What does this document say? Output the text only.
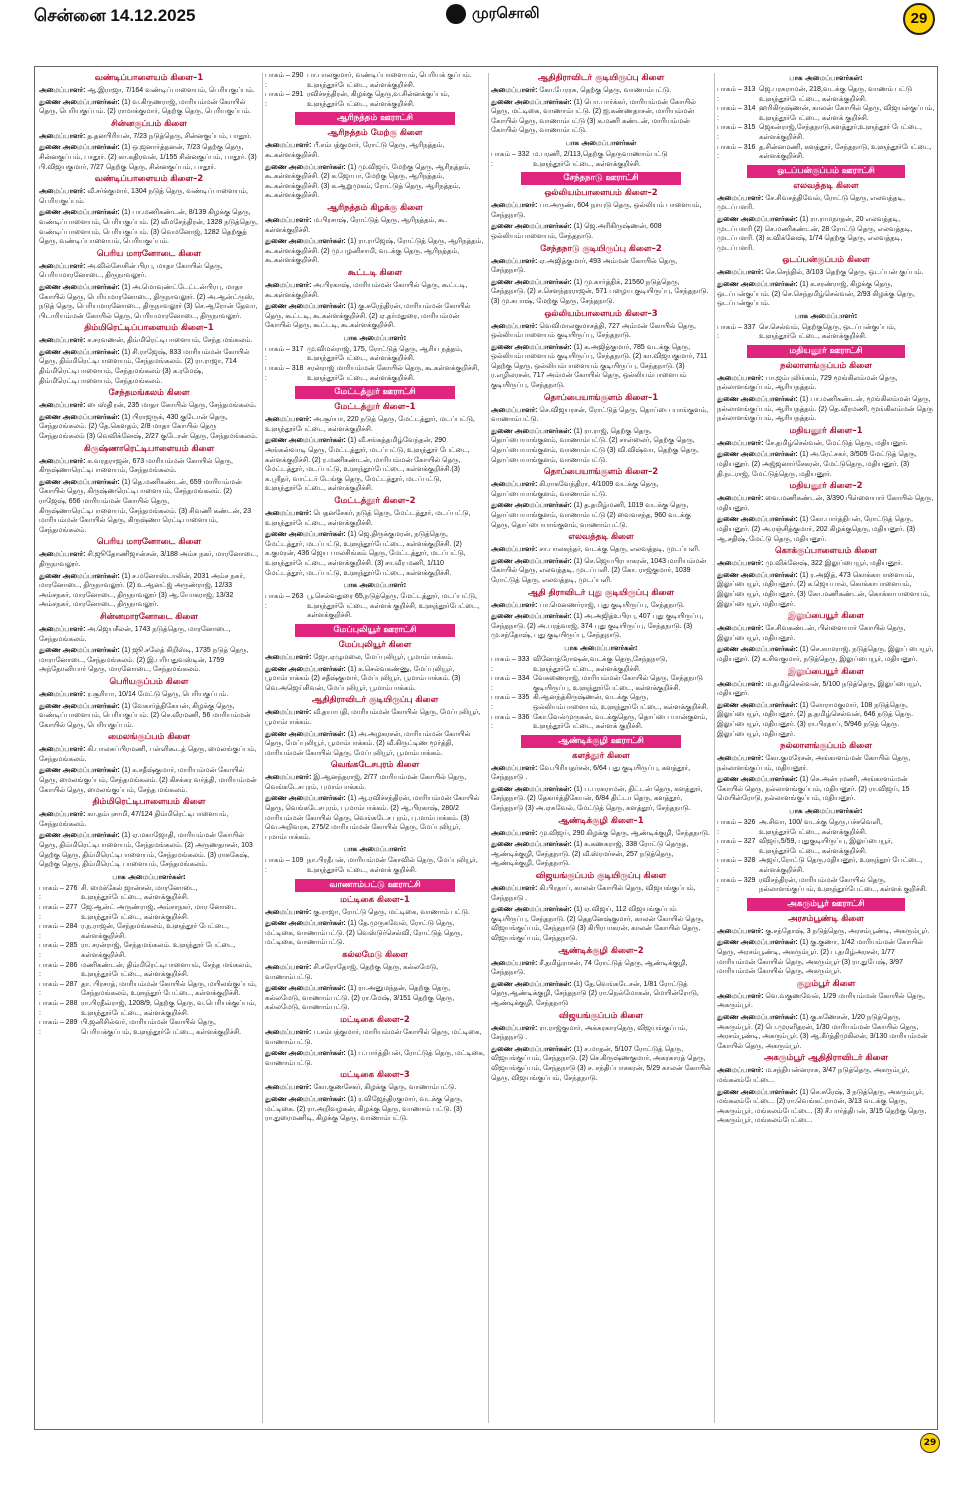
சென்னை 14.12.2025	முரசொலி	29
வண்டிப்பாளையம் கிளை–1
அமைப்பாளர்: ஆ.இராஜா, 7/164 வண்டிப்பாளையம், பெரியகுப்பம்.
துணை அமைப்பாளர்கள்: (1) வ.கிருணராஜ், மாரியம்மன் கோயில் தெரு, பெரியகுப்பம். (2) ராமாக்குமார், தெற்கு தெரு, பெரியகுப்பம்.
சின்னகுப்பம் கிளை
அமைப்பாளர்: த.தனபிரியன், 7/23 நடுத்தெரு, சின்னகுப்பம், பாதூர்.
துணை அமைப்பாளர்கள்: (1) ஒ.ஜனார்த்தனன், 7/23 தெற்கு தெரு, சின்னகுப்பம், பாதூர். (2) கா.கதிரவன், 1/155 சின்னகுப்பம், பாதூர். (3) பி.விஜயகுமார், 7/27 தெற்கு தெரு, சின்னகுப்பம், பாதூர்.
வண்டிப்பாளையம் கிளை–2
அமைப்பாளர்: வீ.சர்க்குமார், 1304 நடுத் தெரு, வண்டிப்பாளையம், பெரியகுப்பம்.
துணை அமைப்பாளர்கள்: (1) பா.மணிகண்டன், 8/139 கிழக்கு தெரு, வண்டிப்பாளையம், பெரியகுப்பம். (2) வீமசேந்திரன், 1328 நடுத்தெரு, வண்டிப்பாளையம், பெரியகுப்பம். (3) வெமனோஜ், 1282 தெற்குத் தெரு, வண்டிப்பாளையம், பெரியகுப்பம்.
பெரிய மாரனோடை கிளை
அமைப்பாளர்: அ.வில்சோசின் பிரபு, மாதா கோயில் தெரு, பெரியமாரனோடை, திருநாவலூர்.
துணை அமைப்பாளர்கள்: (1) அ.மொவுண்ட்டேட்டன்பிரபு, மாதா கோயில் தெரு, பெரியமாரனோடை, திருநாவலூர். (2) அ.ஆன்ட்ருஸ், நடுத் தெரு, பெரியமாரனோடை, திருநாவலூர் (3) செ.ஆரோன் தேவா, பிடாரியம்மன் கோயில் தெரு, பெரியமாரனோடை, திருநாவலூர்.
திம்மிரெட்டிப்பாளையம் கிளை–1
அமைப்பாளர்: ச.சரவணன், திம்மிரெட்டிபாளையம், சேந்த மங்கலம்.
துணை அமைப்பாளர்கள்: (1) சி.ராஜேஷ், 833 மாரியம்மன் கோயில் தெரு, திம்மிரெட்டிபாளையம், சேந்தமங்கலம். (2) ரா.ராஜா, 714 திம்மிரெட்டிபாளையம், சேந்தமங்கலம் (3) க.ரமேஷ், திம்மிரெட்டிபாளையம், சேந்தமங்கலம்.
சேந்தமங்கலம் கிளை
அமைப்பாளர்: பைஸ்தி்ரன், 235 மாதா கோயில் தெரு, சேந்தமங்கலம்.
துணை அமைப்பாளர்கள்: (1) பிராஜருக், 430 குடோன் தெரு, சேந்தமங்கலம். (2) தே.கௌதம், 2/8 மாதா கோயில் தெரு சேந்தமங்கலம் (3) வெவிக்னேஷ், 2/27 குடோன் தெரு, சேந்தமங்கலம்.
கிருஷ்ணாரெட்டிபாளையம் கிளை
அமைப்பாளர்: க.வரதராஜன், 673 மாரியம்மன் கோயில் தெரு, கிருஷ்ணாரெட்டிபாளையம், சேந்தமங்கலம்.
துணை அமைப்பாளர்கள்: (1) தெ.மணிகண்டன், 659 மாரியம்மன் கோயில் தெரு, கிருஷ்ணரெட்டிபாளையம், சேந்தமங்கலம். (2) ராஜேஷ், 656 மாரியம்மன் கோயில் தெரு, கிருஷ்ணாரெட்டிபாளையம், சேந்தமங்கலம். (3) சிவணி கண்டன், 23 மாரியம்மன் கோயில் தெரு, கிருஷ்ணா ரெட்டிபாளையம், சேந்தமங்கலம்.
பெரிய மாரனோடை கிளை
அமைப்பாளர்: சி.ஜூதோணிஜான்சன், 3/188 அம்ச நகர், மாரனோடை, திருநாவலூர்.
துணை அமைப்பாளர்கள்: (1) ச.மனோஸ்டாலின், 2031 அம்ச நகர், மாரனோடை, திருநாவலூர். (2) உ.ஆனட்ஜ் அருண்ராஜ், 12/33 அம்சநகர், மாரனோடை, திருநாவலூர் (3) ஆ.யோகராஜ், 13/32 அம்சநகர், மாரனோடை, திருநாவலூர்.
சின்னமாரனோடை கிளை
அமைப்பாளர்: அ.ஜெயசீலன், 1743 நடுத்தெரு, மாரனோடை, சேந்தமங்கலம்.
துணை அமைப்பாளர்கள்: (1) ஜூ.சலேத் கிறிஸ்டி, 1735 நடுத் தெரு, மாரானோடை, சேந்தமங்கலம். (2) இ.பரியதுவஸ்டின், 1759 அந்தோனியார் தெரு, மாரனோடை, சேந்தமங்கலம்.
பெரியகுப்பம் கிளை
அமைப்பாளர்: ர.சூரியா, 10/14 மேட்டு தெரு, பெரியகுப்பம்.
துணை அமைப்பாளர்கள்: (1) வேகார்த்திகேயன், கிழக்கு தெரு, வண்டிப்பாளையம், பெரியகுப்பம். (2) செ.வீரமணி, 56 மாரியம்மன் கோயில் தெரு, பெரியகுப்பம்.
மைலங்குப்பம் கிளை
அமைப்பாளர்: கி.பாலசுப்பிரமணி, பள்ளிகூடத் தெரு, மைலங்குப்பம், சேந்தமங்கலம்.
துணை அமைப்பாளர்கள்: (1) க.சதீஷ்குமார், மாரியம்மன் கோயில் தெரு, மைலங்குப்பம், சேந்தமங்கலம். (2) கிசக்கர வர்த்தி, மாரியம்மன் கோயில் தெரு, மைலங்குப்பம், சேந்த மங்கலம்.
திம்மிரெட்டிபாளையம் கிளை
அமைப்பாளர்: கா.தம்புசாமி, 47/124 திம்மிரெட்டிபாளையம், சேந்தமங்கலம்.
துணை அமைப்பாளர்கள்: (1) ஏ.மகாஜோதி, மாரியம்மன் கோயில் தெரு, திம்மிரெட்டிபாளையம், சேந்தமங்கலம். (2) அருணதாசன், 103 தெற்கு தெரு, திம்மிரெட்டிபாளையம், சேந்தமங்கலம். (3) ராசுகேஷ், தெற்கு தெரு, திம்மிரெட்டி பாளையம், சேந்தமங்கலம்.
பாக அமைப்பாளர்கள்:
பாகம் – 276 :
சி. மைக்கேல் ஜான்சன், மாரனோடை, உளுந்தூர்பேட்டை, கள்ளக்குறிச்சி.
பாகம் – 277 :
ஜே.ஆன்ட் அருண்ராஜ், அம்சாநகர், மார னோடை உளுந்தூர்பேட்டை, கள்ளக்குறிச்சி.
பாகம் – 284 :
ர.ந.ராஜன், சேந்தமங்கலம், உளுந்தூர் பேட்டை, கள்ளக்குறிச்சி.
பாகம் – 285 :
ரா. சரன்ராஜ், சேந்தமங்கலம். உளுந்தூர் பேட்டை, கள்ளக்குறிச்சி.
பாகம் – 286 :
மணிகண்டன், திம்மிரெட்டிபாளையம், சேந்த மங்கலம், உளுந்தூர்பேட்டை, கள்ளக்குறிச்சி.
பாகம் – 287 :
தா. பிரசாத், மாரியம்மன் கோயில் தெரு, மயிலங்குப்பம், சேந்தமங்கலம், உளுந்தூர் பேட்டை, கள்ளக்குறிச்சி.
பாகம் – 288 :
ரா.பிரதீவ்ராஜ், 1208/9, தெற்கு தெரு, வ.பெரியக்குப்பம், உளுந்தூர்பேட்டை, கள்ளக்குறிச்சி.
பாகம் – 289 :
பி.ஜனிசில்வர், மாரியம்மன் கோயில் தெரு, பெரியக்குப்பம், உளுந்தூர்பேட்டை, கள்ளக்குறிச்சி.
பாகம் – 290 :
பா.பாலகுமார், வண்டிப்பாளையம், பெரியக் குப்பம். உளுந்தூர்பேட்டை, கள்ளக்குறிச்சி.
பாகம் – 291 :
ரவிச்சந்திரன், கிழக்கு தெரு,வ.சின்னக்குப்பம், உளுந்தூர்பேட்டை, கள்ளக்குறிச்சி.
ஆரிநத்தம் ஊராட்சி
ஆரிநத்தம் மேற்கு கிளை
அமைப்பாளர்: பீ.சம்பத்குமார், ரோட்டு தெரு, ஆரிநத்தம், கூ.கள்ளக்குறிச்சி.
துணை அமைப்பாளர்கள்: (1) மு.விஜய், மேற்கு தெரு, ஆரிநத்தம், கூ.கள்ளக்குறிச்சி. (2) க.ஜோபா, மேற்கு தெரு, ஆரிநத்தம், கூ.கள்ளக்குறிச்சி. (3) க.ஆறுமுகம், ரோட்டுத் தெரு, ஆரிநத்தம், கூ.கள்ளக்குறிச்சி.
ஆரிநத்தம் கிழக்கு கிளை
அமைப்பாளர்: ம.பிரசாஷ், ரோட்டுத் தெரு, ஆரிநத்தம், கூ. கள்ளக்குறிச்சி.
துணை அமைப்பாளர்கள்: (1) ரா.ராஜேஷ், ரோட்டுத் தெரு, ஆரிநத்தம், கூ.கள்ளக்குறிச்சி. (2) மு.பழனிசாமி, வடக்கு தெரு, ஆரிநத்தம், கூ.கள்ளக்குறிச்சி.
கூட்டடி கிளை
அமைப்பாளர்: அ.பிரகாஷ், மாரியம்மன் கோயில் தெரு, கூட்டடி, கூ.கள்ளக்குறிச்சி.
துணை அமைப்பாளர்கள்: (1) கு.சுரேந்திரன், மாரியம்மன் கோயில் தெரு, கூட்டடி, கூ.கள்ளக்குறிச்சி. (2) ஏ.தர்மதுரை, மாரியம்மன் கோயில் தெரு, கூட்டடி, கூ.கள்ளக்குறிச்சி.
பாக அமைப்பாளர்:
பாகம் – 317 :
மு.விமல்ராஜ், 175, ரோட்டுத் தெரு, ஆரிய நத்தம், உளுந்தூர்பேட்டை, கள்ளக்குறிச்சி.
பாகம் – 318 :
சரன்ராஜ் மாரியம்மன் கோயில் தெரு, கூ.கள்ளக்குறிச்சி, உளுந்தூர்பேட்டை, கள்ளக்குறிச்சி.
மேட்டத்தூர் ஊராட்சி
மேட்டத்தூர் கிளை–1
அமைப்பாளர்: அ.சூர்யா, 220 நடுத் தெரு, மேட்டத்தூர், மடப்பட்டு, உளுந்தூர்பேட்டை, கள்ளக்குறிச்சி.
துணை அமைப்பாளர்கள்: (1) வீ.சங்கத்தமிழ்வேந்தன், 290 அங்கன்வாடி தெரு, மேட்டத்தூர், மடப்பட்டு, உளுந்தூர் பேட்டை, கள்ளக்குறிச்சி. (2) ர.மணிகண்டன், மாரியம்மன் கோயில் தெரு, மேட்டத்தூர், மடப்பட்டு, உளுந்தூர்பேட்டை, கள்ளக்குறிச்சி.(3) க.ஸ்ரீதர், வாட்டர் டேங்கு தெரு, மேட்டத்தூர், மடப்பட்டு, உளுந்தூர்பேட்டை, கள்ளக்குறிச்சி.
மேட்டத்தூர் கிளை–2
அமைப்பாளர்: பெதனசேகர், நடுத் தெரு, மேட்டத்தூர், மடப்பட்டு, உளுந்தூர்பேட்டை, கள்ளக்குறிச்சி.
துணை அமைப்பாளர்கள்: (1) ஜெ.திருக்குமரன், நடுத்தெரு, மேட்டத்தூர், மடப்பட்டு, உளுந்தூர்பேட்டை, கள்ளக்குறிச்சி. (2) க.குமரன், 436 ஜெய பாலசிங்கம் தெரு, மேட்டத்தூர், மடப்பட்டு, உளுந்தூர்பேட்டை, கள்ளக்குறிச்சி. (3) சா.வீர மணி, 1/110 மேட்டத்தூர், மடப்பட்டு, உளுந்தூர்பேட்டை, கள்ளக்குறிச்சி.
பாக அமைப்பாளர்:
பாகம் – 263 :
பூ.செல்வதுரை 65,நடுத்தெரு, மேட்டத்தூர், மடப்பட்டு, உளுந்தூர்பேட்டை, கள்ளக் குறிச்சி, உளுந்தூர்பேட்டை, கள்ளக்குறிச்சி.
மேப்புலியூர் ஊராட்சி
மேப்புலியூர் கிளை
அமைப்பாளர்: ஜோ.ஏழுமலை, மேப்புலியூர், பூமாம்பாக்கம்.
துணை அமைப்பாளர்கள்: (1) க.செல்வகண்ணு, மேப்புலியூர், பூமாம்பாக்கம் (2) சதீஷ்குமார், மேப்புலியூர், பூமாம்பாக்கம். (3) வெ.அஜெய்சிவன், மேப்புலியூர், பூமாம்பாக்கம்.
ஆதிதிராவிடர் குடியிருப்பு கிளை
அமைப்பாளர்: வீ.தயாபதி, மாரியம்மன் கோயில் தெரு, மேப்புலியூர், பூமாம்பாக்கம்.
துணை அமைப்பாளர்கள்: (1) அ.அழகரசன், மாரியம்மன் கோயில் தெரு, மேப்புலியூர், பூமாம்பாக்கம். (2) வீ.கிருட்டிண மூர்த்தி, மாரியம்மன் கோயில் தெரு, மேப்புலியூர், பூமாம்பாக்கம்.
வெங்கடேசபுரம் கிளை
அமைப்பாளர்: இ.ஆனந்தராஜ், 2/77 மாரியம்மன் கோயில் தெரு, வெங்கடேசபுரம், புமாம்பாக்கம்.
துணை அமைப்பாளர்கள்: (1) ஆ.ரவிச்சந்திரன், மாரியம்மன் கோயில் தெரு, வெங்கடேசபுரம், பு.மாம்பாக்கம். (2) ஆ.பிரகாஷ், 280/2 மாரியம்மன் கோயில் தெரு, வெங்கடேச புரம், பு.மாம்பாக்கம். (3) வெ.அறிவரசு, 275/2 மாரியம்மன் கோயில் தெரு, மேப்புலியூர், புமாம்பாக்கம்.
பாக அமைப்பாளர்:
பாகம் – 109 :
நா.பிரதீபன், மாரியம்மன் கோவில் தெரு, மேப்புலியூர், உளுந்தூர்பேட்டை, கள்ளக் குறிச்சி.
வாணாம்பட்டு ஊராட்சி
மட்டிகை கிளை–1
அமைப்பாளர்: கு.ராஜா, ரோட்டு தெரு, மட்டிகை, வாணாம் பட்டு.
துணை அமைப்பாளர்கள்: (1) தே.முருகவேல், ரோட்டு தெரு, மட்டிகை, வாணாம்பட்டு. (2) வெஸ்டுர்செல்வி, ரோட்டுத் தெரு, மட்டிகை, வாணாம்பட்டு.
கல்லமேடு கிளை
அமைப்பாளர்: சி.சரோதோஜ், தெற்கு தெரு, கல்லமேடு, வாணாம்பட்டு.
துணை அமைப்பாளர்கள்: (1) ரா.அனுமந்தன், தெற்கு தெரு, கல்லமேடு, வாணாம்பட்டு. (2) ரா.மேஷ், 3/151 தெற்கு தெரு, கல்லமேடு, வாணாம்பட்டு.
மட்டிகை கிளை–2
அமைப்பாளர்: ப.சம்பத்குமார், மாரியம்மன் கோயில் தெரு, மட்டிகை, வாணாம்பட்டு.
துணை அமைப்பாளர்கள்: (1) ப.பார்த்திபன், ரோட்டுத் தெரு, மட்டிகை, வாணாம்பட்டு.
மட்டிகை கிளை–3
அமைப்பாளர்: கோ.குணசேகர், கிழக்கு தெரு, வாணாம்பட்டு.
துணை அமைப்பாளர்கள்: (1) ர.விஜேந்திரகுமார், வடக்கு தெரு, மட்டிகை. (2) ரா.அறிவழகன், கிழக்கு தெரு, வாணாம் பட்டு. (3) ரா.துரைமணிடி, கிழக்கு தெரு, வாணாம்பட்டு.
ஆதிதிராவிடர் குடியிருப்பு கிளை
அமைப்பாளர்: கோ.பேரரசு, தெற்கு தெரு, வாணாம்பட்டு.
துணை அமைப்பாளர்கள்: (1) பொ.பார்க்கர், மாரியம்மன் கோயில் தெரு, மட்டிகை, வாணாம்பட்டு. (2) ஐ.கண்ணதாசன், மாரியம்மன் கோயில் தெரு, வாணாம்பட்டு (3) க.மணி கண்டன், மாரியம்மன் கோயில் தெரு, வாணாம்பட்டு.
பாக அமைப்பாளர்கள்
பாகம் – 332 :
ம.பரணி, 2/113,தெற்கு தெருவாணாம்பட்டு உளுந்தூர்பேட்டை, கள்ளக்குறிச்சி.
சேந்தநாடு ஊராட்சி
ஒல்லியம்பாளையம் கிளை–2
அமைப்பாளர்: பா.அருண், 604 நாயுடு தெரு, ஒல்லியம் பாளையம், சேந்தநாடு.
துணை அமைப்பாளர்கள்: (1) ஜெ.அரிகிருஷ்ணன், 608 ஒல்லியம்பாளையம், சேந்தநாடு.
சேந்தநாடு குடியிருப்பு கிளை–2
அமைப்பாளர்: ஏ.அஜித்குமார், 493 அம்மன் கோயில் தெரு, சேந்தநாடு.
துணை அமைப்பாளர்கள்: (1) மு.கார்த்திக், 21560 நடுத்தெரு, சேந்தநாடு. (2) ச.சௌந்தரராஜன், 571 பழைய குடியிருப்பு, சேந்தநாடு. (3) மு.சுபாஷ், மேற்கு தெரு, சேந்தநாடு.
ஒல்லியம்பாளையம் கிளை–3
அமைப்பாளர்: வெவிமாலகுமாசத்தி, 727 அம்மன் கோயில் தெரு, ஒல்லியம்பாளையம் குடியிருப்பு, சேந்தநாடு.
துணை அமைப்பாளர்கள்: (1) க.அஜித்குமார், 785 வடக்கு தெரு, ஒல்லியம்பாளையம் குடியிருப்பு, சேந்தநாடு. (2) கா.விஜயகுமார், 711 தெற்கு தெரு, ஒல்லியம்பாளையம் குடியிருப்பு, சேந்தநாடு. (3) ர.எழிலரசன், 717 அம்மன் கோயில் தெரு, ஒல்லியம்பாளையம் குடியிருப்பு, சேந்தநாடு.
தொப்பையாங்குளம் கிளை–1
அமைப்பாளர்: செ.விஜயரசன், ரோட்டுத் தெரு, தொப்பை யாங்குளம், வாணாம்பட்டு.
துணை அமைப்பாளர்கள்: (1) ரா.ராஜ், தெற்கு தெரு, தொப்பையாங்குளம், வாணாம்பட்டு. (2) சாள்லைர், தெற்கு தெரு, தொப்பையாங்குளம், வாணாம்பட்டு (3) வி.விஷ்வா, தெற்கு தெரு, தொப்பையாங்குளம், வாணாம்பட்டு.
தொப்பையாங்குளம் கிளை–2
அமைப்பாளர்: கி.ராகவேந்திரா, 4/1009 வடக்கு தெரு, தொப்பையாங்குளம், வாணாம்பட்டு.
துணை அமைப்பாளர்கள்: (1) த.தமிழ்மணி, 1019 வடக்கு தெரு, தொப்பையாங்குளம், வாணாம்பட்டு (2) வைவசந்த, 960 வடக்கு தெரு, தொப்பையாங்குளம், வாணாம்பட்டு.
எலவத்தடி கிளை
அமைப்பாளர்: சா.பாலசுந்தர், வடக்கு தெரு, எலவத்தடி, முடப்பளி.
துணை அமைப்பாளர்கள்: (1) செ.ஜெயபிரபாகரன், 1043 மாரியம்மன் கோயில் தெரு, எலவத்தடி, முடப்பளி. (2) கோ. ராஜ்குமார், 1039 ரோட்டுத் தெரு, எலவத்தடி, முடப்பளி.
ஆதி திராவிடர் புது குடியிருப்பு கிளை
அமைப்பாளர்: பா.மெனணர்ராஜ், புது குடியிருப்பு, சேந்தநாடு.
துணை அமைப்பாளர்கள்: (1) அ.அஜித்உபிரபு, 407 புது குடியிருப்பு, சேந்தநாடு. (2) அ.பரத்வாஜ், 374 புது குடியிருப்பு, சேந்தநாடு. (3) மு.சந்தோஷ், புது குடியிருப்பு, சேந்தநாடு.
பாக அமைப்பாளர்கள்:
பாகம் – 333 :
வினோத்ரோஷன்,வடக்கு தெரு,சேந்தநாடு, உளுந்தூர்பேட்டை, கள்ளக்குறிச்சி.
பாகம் – 334 :
வேசுணைராஜ், மாரியம்மன் கோயில் தெரு, சேந்தநாடு குடியிருப்பு, உளுந்தூர்பேட்டை, கள்ளக்குறிச்சி.
பாகம் – 335 :
கி.ஆனந்த்கிருஷ்ணன், வடக்கு தெரு, ஒல்லியம்பாளையம், உளுந்தூர்பேட்டை, கள்ளக்குறிச்சி.
பாகம் – 336 :
கோ.வேல்முருகன், வடக்குதெரு, தொப்பை யான்குளம், உளுந்தூர்பேட்டை, கள்ளக் குறிச்சி.
ஆண்டிக்குழி ஊராட்சி
களத்தூர் கிளை
அமைப்பாளர்: வே.பிரியதர்சன், 6/64 புது குடியிருப்பு, களத்தூர், சேந்தநாடு .
துணை அமைப்பாளர்கள்: (1) ப.பரசுராமன், திட்டன் தெரு, களத்தூர், சேந்தநாடு. (2) தேகார்த்திகேயன், 6/84 திட்டா தெரு, களத்தூர், சேந்தநாடு (3) அ.ஏசுவேல், மேட்டுத் தெரு, களத்தூர், சேந்தநாடு.
ஆண்டிக்குழி கிளை–1
அமைப்பாளர்: மு.விஜய், 290 கிழக்கு தெரு, ஆண்டிக்குழி, சேந்தநாடு.
துணை அமைப்பாளர்கள்: (1) க.கணகராஜ், 338 ரோட்டு தெருத, ஆண்டிக்குழி, சேந்தநாடு. (2) வீ.ஸ்ரமர்சன், 257 நடுத்தெரு, ஆண்டிக்குழி, சேந்தநாடு.
விஜயங்குப்பம் குடியிருப்பு கிளை
அமைப்பாளர்: கி.பிரதாப், காலன் கோயில் தெரு, விஜயங்குப்பம், சேந்தநாடு .
துணை அமைப்பாளர்கள்: (1) ஏ.விஜய், 112 விஜயங்குப்பம் குடியிருப்பு, சேந்தநாடு. (2) தெதனேஷ்குமார், காலன் கோயில் தெரு, விஜயங்குப்பம், சேந்தநாடு (3) கிபிரபாகரன், காலன் கோயில் தெரு, விஜயங்குப்பம், சேந்தநாடு.
ஆண்டிக்குழி கிளை–2
அமைப்பாளர்: சீ.தமிழ்ராசன், 74 ரோட்டுத் தெரு, ஆண்டிக்குழி, சேந்தநாடு.
துணை அமைப்பாளர்கள்: (1) தே.வெங்கடேசன், 1/81 ரோட்டுத் தெரு,ஆண்டிக்குழி, சேந்தநாடு (2) ரா.நெல்மோகன், மெயின்ரோடு, ஆண்டிக்குழி, சேந்தநாடு
விஜயங்குப்பம் கிளை
அமைப்பாளர்: ரா.ராஜ்குமார், அக்கரகாரதெரு, விஜயங்குப்பம், சேந்தநாடு .
துணை அமைப்பாளர்கள்: (1) ச.மாதன், 5/107 ரோட்டுத் தெரு, விஜயங்குப்பம், சேந்தநாடு. (2) செ.கிருஷ்ணகுமார், அகரகாரத் தெரு, விஜயங்குப்பம், சேந்தநாடு (3) ச. சந்திப்பாசகரன், 5/29 காலன் கோயில் தெரு, விஜயங்குப்பம், சேந்தநாடு.
பாக அமைப்பாளர்கள்:
பாகம் – 313 :
ஜெ.பரசுராமன், 218,வடக்கு தெரு, வாணம் பட்டு உளுந்தூர்பேட்டை, கள்ளக்குறிச்சி.
பாகம் – 314 :
ஹரிகிருஷ்ணன், காலன் கோயில் தெரு, விஜயன்குப்பம், உளுந்தூர்பேட்டை, கள்ளக் குறிச்சி.
பாகம் – 315 :
ஜெகன்ராஜ்,சேந்தநாடு,களத்தூர்,உளுந்தூர் பேட்டை, கள்ளக்குறிச்சி.
பாகம் – 316 :
த.சின்னமணி, களத்தூர், சேந்தநாடு, உளுந்தூர்பேட்டை, கள்ளக்குறிச்சி.
ஒடப்பன்குப்பம் ஊராட்சி
எலவத்தடி கிளை
அமைப்பாளர்: சே.சிவசத்திவேல், ரோட்டு தெரு, எலவத்தடி, முடப்பளரி.
துணை அமைப்பாளர்கள்: (1) ரா.ராமநாதன், 20 எலவத்தடி, முடப்பளரி (2) செ.மணிகண்டன், 28 ரோட்டு தெரு, எலவத்தடி, முடப்பளரி. (3) க.விக்னேஷ், 1/74 தெற்கு தெரு, எலவத்தடி, முடப்பளரி.
ஒடப்பன்குப்பம் கிளை
அமைப்பாளர்: செ.செந்தில், 3/103 தெற்கு தெரு, ஒடப்பன் குப்பம்.
துணை அமைப்பாளர்கள்: (1) க.சரண்ராஜ், கிழக்கு தெரு, ஒடப்பன்குப்பம். (2) செ.செந்தமிழ்செல்வன், 2/93 கிழக்கு தெரு, ஒடப்பன்குப்பம்.
பாக அமைப்பாளர்:
பாகம் – 337 :
செ.செல்வம், தெற்குதெரு, ஒடப்பன்குப்பம், உளுந்தூர்பேட்டை, கள்ளக்குறிச்சி.
மதியனூர் ஊராட்சி
நல்லாளங்குப்பம் கிளை
அமைப்பாளர்: பா.ஜம்புலிங்கம், 729 மூங்கிலம்மன் தெரு, நல்லாளங்குப்பம், ஆரியநத்தம்.
துணை அமைப்பாளர்கள்: (1) பா.மணிகண்டன், மூங்கிலம்மன் தெரு, நல்லாளங்குப்பம், ஆரியநத்தம். (2) தெ.வீரமணி, மூங்கிலம்மன் தெரு நல்லாளங்குப்பம், ஆரியநத்தம்.
மதியனூர் கிளை–1
அமைப்பாளர்: சே.தமிழ்செல்வன், மேட்டுத் தெரு, மதியனூர்.
துணை அமைப்பாளர்கள்: (1) அ.ரேட்சகர், 3/505 மேட்டுத் தெரு, மதியனூர். (2) அஜ்ஜனார்சேகரன், மேட்டுதெரு, மதியனூர். (3) தி.நடராஜ், மேட்டுத்தெரு, மதியனூர்.
மதியனூர் கிளை–2
அமைப்பாளர்: வை.மணிகண்டன், 3/390 பிள்ளையார் கோயில் தெரு, மதியனூர்.
துணை அமைப்பாளர்கள்: (1) கோ.பார்த்திபன், ரோட்டுத் தெரு, மதியனூர். (2) அ.ரஞ்சித்குமார், 202 கிழக்குதெரு, மதியனூர். (3) ஆ.சதிஷ், மேட்டு தெரு, மதியனூர்.
கொக்குப்பாளையம் கிளை
அமைப்பாளர்: மு.விக்னேஷ், 322 இலுப்பையூர், மதியனூர்.
துணை அமைப்பாளர்கள்: (1) ர.அஜித், 473 கொக்காபாளையம், இலுப்பையூர், மதியனூர். (2) க.ஜெயபால், கொக்காபாளையம், இலுப்பையூர், மதியனூர். (3) கோ.மணிகண்டன், கொக்காபாளையம், இலுப்பையூர், மதியனூர்.
இலுப்பையூர் கிளை
அமைப்பாளர்: சே.சிவகண்டன், பிள்ளையார் கோயில் தெரு, இலுப்பையூர், மதியனூர்.
துணை அமைப்பாளர்கள்: (1) செ.காமராஜ், நடுத்தெரு, இலுப் பையூர், மதியனூர். (2) க.சிவகுமார், நடுத்தெரு, இலுப்பையூர், மதியனூர்.
இலுப்பையூர் கிளை
அமைப்பாளர்: ம.தமிழ்செல்வன், 5/100 நடுத்தெரு, இலுப்பையூர், மதியனூர்.
துணை அமைப்பாளர்கள்: (1) லோராமகுமார், 108 நடுத்தெரு, இலுப்பையூர், மதியனூர். (2) த.தமிழ்செல்வன், 646 நடுத் தெரு. இலுப்பையூர், மதியனூர். (3) ரா.பிரதாப், 5/946 நடுத் தெரு. இலுப்பையூர், மதியனூர்.
நல்லாளங்குப்பம் கிளை
அமைப்பாளர்: கோ.குமரேசன், அங்காளம்மன் கோயில் தெரு, நல்லாளங்குப்பம், மதியனூர்.
துணை அமைப்பாளர்கள்: (1) செ.அன்புமணி, அங்காளம்மன் கோயில் தெரு, நல்லாளங்குப்பம், மதியனூர். (2) ரா.விஜய், 15 மெயின்ரோடு, நல்லாளங்குப்பம், மதியனூர்.
பாக அமைப்பாளர்கள்:
பாகம் – 326 :
அ.சிவா, 100/ வடக்கு தெரு,பச்சவெளி, உளுந்தூர்பேட்டை, கள்ளக்குறிச்சி.
பாகம் – 327 :
விஜய்,5/59, புதுகுடியிருப்பு, இலுப்பையூர், உளுந்தூர்பேட்டை, கள்ளக்குறிச்சி.
பாகம் – 328 :
அஜய்,ரோட்டு தெரு,மதியனூர், உளுந்தூர் பேட்டை, கள்ளக்குறிச்சி.
பாகம் – 329 :
ரவிசந்திரன், மாரியம்மன் கோயில் தெரு, நல்லாளங்குப்பம், உளுந்தூர்பேட்டை, கள்ளக் குறிச்சி.
அகரும்பூர் ஊராட்சி
அரசம்பூண்டி கிளை
அமைப்பாளர்: கு.சந்தோஷ், 3 நடுத்தெரு, அரசம்பூண்டி, அகரும்பூர்.
துணை அமைப்பாளர்கள்: (1) கு.குணா, 1/42 மாரியம்மன் கோயில் தெரு, அரசம்பூண்டி, அகரும்பூர். (2) ப.தமிழ்அரசன், 1/77 மாரியம்மன் கோயில் தெரு, அகரும்பூர் (3) ரா.துபேஷ், 3/97 மாரியம்மன் கோயில் தெரு, அகரும்பூர்.
குறும்பூர் கிளை
அமைப்பாளர்: வெ.வகுணவேல், 1/29 மாரியம்மன் கோயில் தெரு, அகரும்பூர்.
துணை அமைப்பாளர்கள்: (1) கு.கணேசன், 1/20 நடுத்தெரு, அகரும்பூர். (2) பெ.முரளிதரன், 1/30 மாரியம்மன் கோயில் தெரு, அரசம்பூண்டி, அகரும்பூர். (3) ஆ.கீர்த்திமுகிலன், 3/130 மாரியம்மன் கோயில் தெரு, அகரும்பூர்.
அகரும்பூர் ஆதிதிராவிடர் கிளை
அமைப்பாளர்: ம.சந்தியன்னராசு, 3/47 நடுத்தெரு, அகரும்பூர், மங்கலம்பேட்டை.
துணை அமைப்பாளர்கள்: (1) செ.சுரேஷ், 3 நடுத்தெரு, அகரும்பூர், மங்கலம்பேட்டை. (2) ரா.வெங்கட்ராமன், 3/13 வடக்கு தெரு, அகரும்பூர், மங்கலம்பேட்டை. (3) சீ.பார்த்திபன், 3/15 தெற்கு தெரு, அகரும்பூர், மங்கலம்பேட்டை.
29
